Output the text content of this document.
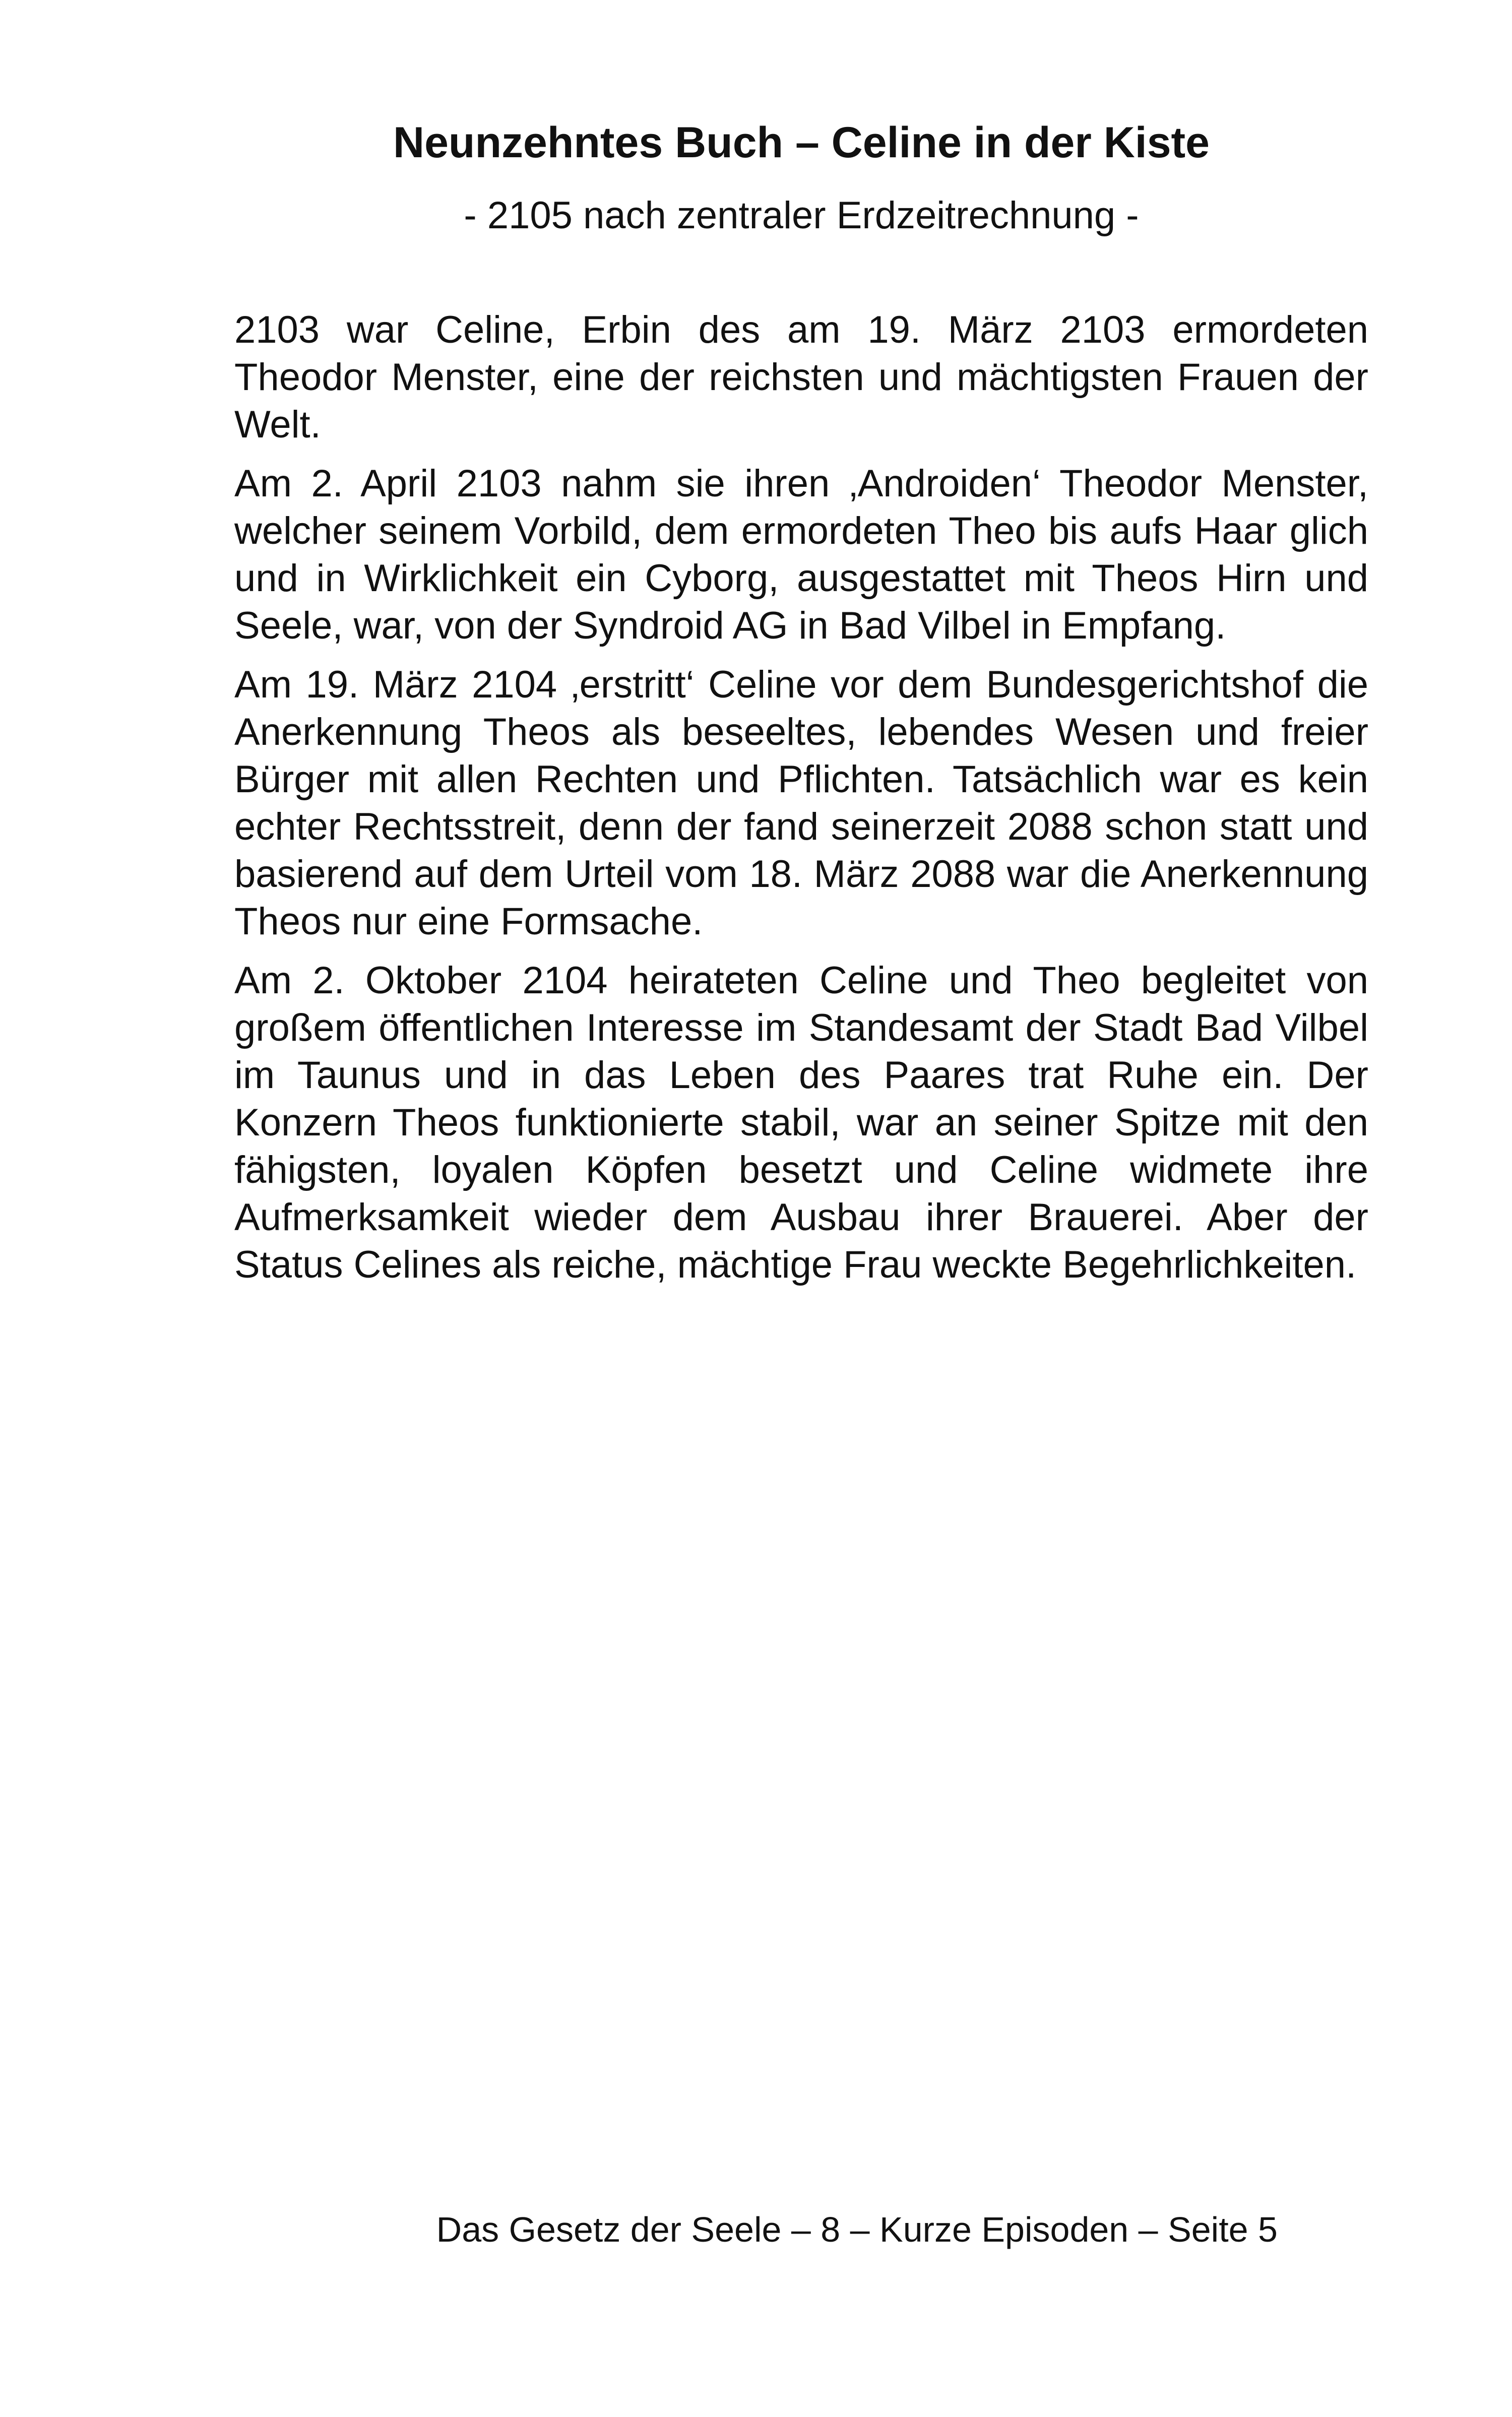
Neunzehntes Buch – Celine in der Kiste
- 2105 nach zentraler Erdzeitrechnung -

2103 war Celine, Erbin des am 19. März 2103 ermordeten Theodor Menster, eine der reichsten und mächtigsten Frauen der Welt.

Am 2. April 2103 nahm sie ihren ‚Androiden‘ Theodor Menster, welcher seinem Vorbild, dem ermordeten Theo bis aufs Haar glich und in Wirklichkeit ein Cyborg, ausgestattet mit Theos Hirn und Seele, war, von der Syndroid AG in Bad Vilbel in Empfang.

Am 19. März 2104 ‚erstritt‘ Celine vor dem Bundesgerichtshof die Anerkennung Theos als beseeltes, lebendes Wesen und freier Bürger mit allen Rechten und Pflichten. Tatsächlich war es kein echter Rechtsstreit, denn der fand seinerzeit 2088 schon statt und basierend auf dem Urteil vom 18. März 2088 war die Anerkennung Theos nur eine Formsache.

Am 2. Oktober 2104 heirateten Celine und Theo begleitet von großem öffentlichen Interesse im Standesamt der Stadt Bad Vilbel im Taunus und in das Leben des Paares trat Ruhe ein. Der Konzern Theos funktionierte stabil, war an seiner Spitze mit den fähigsten, loyalen Köpfen besetzt und Celine widmete ihre Aufmerksamkeit wieder dem Ausbau ihrer Brauerei. Aber der Status Celines als reiche, mächtige Frau weckte Begehrlichkeiten.

Das Gesetz der Seele – 8 – Kurze Episoden – Seite 5
